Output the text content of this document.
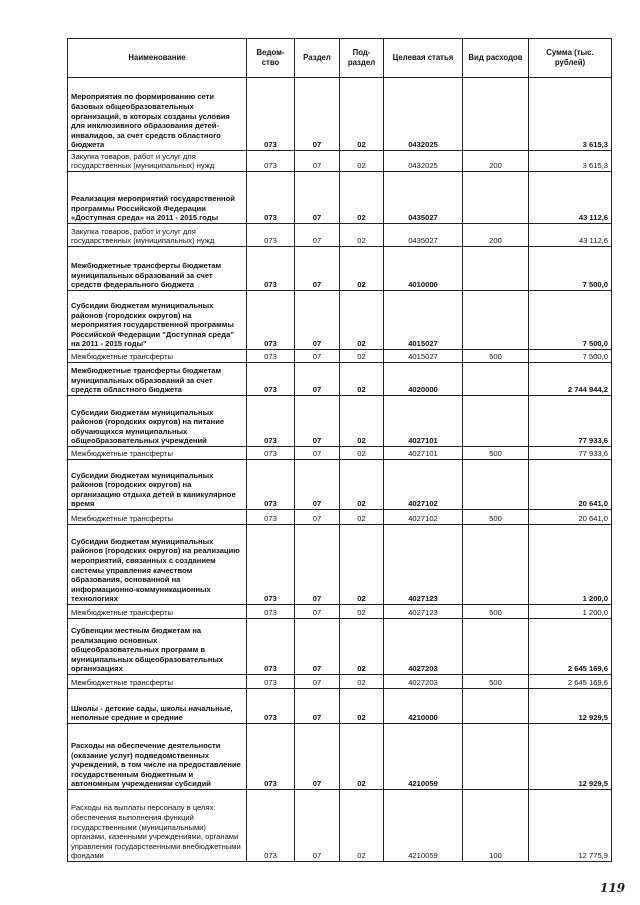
Наименование	Ведом-ство	Раздел	Под-раздел	Целевая статья	Вид расходов	Сумма (тыс. рублей)
Мероприятия по формированию сети базовых общеобразовательных организаций, в которых созданы условия для инклюзивного образования детей-инвалидов, за счет средств областного бюджета	073	07	02	0432025		3 615,3
Закупка товаров, работ и услуг для государственных (муниципальных) нужд	073	07	02	0432025	200	3 615,3
Реализация мероприятий государственной программы Российской Федерации «Доступная среда» на 2011 - 2015 годы	073	07	02	0435027		43 112,6
Закупка товаров, работ и услуг для государственных (муниципальных) нужд	073	07	02	0435027	200	43 112,6
Межбюджетные трансферты бюджетам муниципальных образований за счет средств федерального бюджета	073	07	02	4010000		7 500,0
Субсидии бюджетам муниципальных районов (городских округов) на мероприятия государственной программы Российской Федерации "Доступная среда" на 2011 - 2015 годы"	073	07	02	4015027		7 500,0
Межбюджетные трансферты	073	07	02	4015027	500	7 500,0
Межбюджетные трансферты бюджетам муниципальных образований за счет средств областного бюджета	073	07	02	4020000		2 744 944,2
Субсидии бюджетам муниципальных районов (городских округов) на питание обучающихся муниципальных общеобразовательных учреждений	073	07	02	4027101		77 933,6
Межбюджетные трансферты	073	07	02	4027101	500	77 933,6
Субсидии бюджетам муниципальных районов (городских округов) на организацию отдыха детей в каникулярное время	073	07	02	4027102		20 641,0
Межбюджетные трансферты	073	07	02	4027102	500	20 641,0
Субсидии бюджетам муниципальных районов (городских округов) на реализацию мероприятий, связанных с созданием системы управления качеством образования, основанной на информационно-коммуникационных технологиях	073	07	02	4027123		1 200,0
Межбюджетные трансферты	073	07	02	4027123	500	1 200,0
Субвенции местным бюджетам на реализацию основных общеобразовательных программ в муниципальных общеобразовательных организациях	073	07	02	4027203		2 645 169,6
Межбюджетные трансферты	073	07	02	4027203	500	2 645 169,6
Школы - детские сады, школы начальные, неполные средние и средние	073	07	02	4210000		12 929,5
Расходы на обеспечение деятельности (оказание услуг) подведомственных учреждений, в том числе на предоставление государственным бюджетным и автономным учреждениям субсидий	073	07	02	4210059		12 929,5
Расходы на выплаты персоналу в целях обеспечения выполнения функций государственными (муниципальными) органами, казенными учреждениями, органами управления государственными внебюджетными фондами	073	07	02	4210059	100	12 775,9
119
